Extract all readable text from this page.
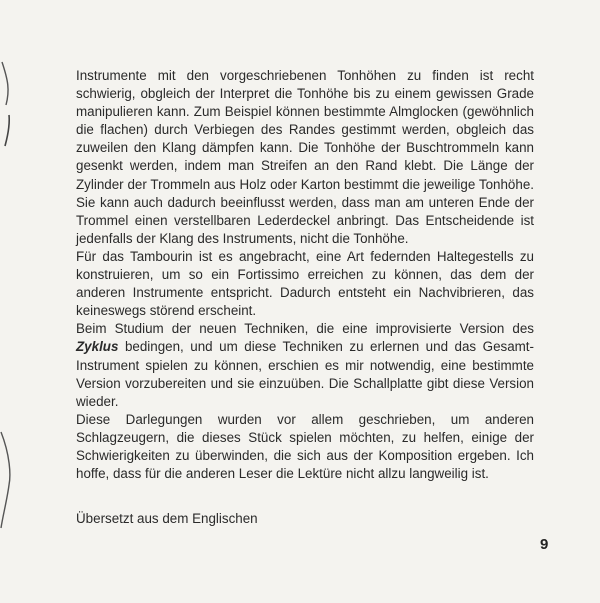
Instrumente mit den vorgeschriebenen Tonhöhen zu finden ist recht schwierig, obgleich der Interpret die Tonhöhe bis zu einem gewissen Grade manipulieren kann. Zum Beispiel können bestimmte Almglocken (gewöhnlich die flachen) durch Verbiegen des Randes gestimmt werden, obgleich das zuweilen den Klang dämpfen kann. Die Tonhöhe der Buschtrommeln kann gesenkt werden, indem man Streifen an den Rand klebt. Die Länge der Zylinder der Trommeln aus Holz oder Karton bestimmt die jeweilige Tonhöhe. Sie kann auch dadurch beeinflusst werden, dass man am unteren Ende der Trommel einen verstellbaren Lederdeckel anbringt. Das Entscheidende ist jedenfalls der Klang des Instruments, nicht die Tonhöhe.

Für das Tambourin ist es angebracht, eine Art federnden Haltegestells zu konstruieren, um so ein Fortissimo erreichen zu können, das dem der anderen Instrumente entspricht. Dadurch entsteht ein Nachvibrieren, das keineswegs störend erscheint.

Beim Studium der neuen Techniken, die eine improvisierte Version des Zyklus bedingen, und um diese Techniken zu erlernen und das Gesamt-Instrument spielen zu können, erschien es mir notwendig, eine bestimmte Version vorzubereiten und sie einzuüben. Die Schallplatte gibt diese Version wieder.

Diese Darlegungen wurden vor allem geschrieben, um anderen Schlagzeugern, die dieses Stück spielen möchten, zu helfen, einige der Schwierigkeiten zu überwinden, die sich aus der Komposition ergeben. Ich hoffe, dass für die anderen Leser die Lektüre nicht allzu langweilig ist.

Übersetzt aus dem Englischen
9
